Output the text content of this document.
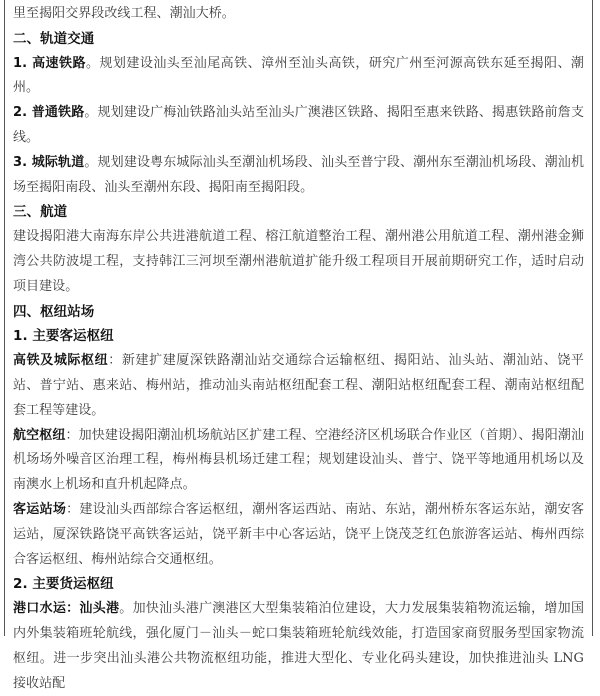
里至揭阳交界段改线工程、潮汕大桥。

二、轨道交通

1. 高速铁路。规划建设汕头至汕尾高铁、漳州至汕头高铁，研究广州至河源高铁东延至揭阳、潮州。

2. 普通铁路。规划建设广梅汕铁路汕头站至汕头广澳港区铁路、揭阳至惠来铁路、揭惠铁路前詹支线。

3. 城际轨道。规划建设粤东城际汕头至潮汕机场段、汕头至普宁段、潮州东至潮汕机场段、潮汕机场至揭阳南段、汕头至潮州东段、揭阳南至揭阳段。

三、航道

建设揭阳港大南海东岸公共进港航道工程、榕江航道整治工程、潮州港公用航道工程、潮州港金狮湾公共防波堤工程，支持韩江三河坝至潮州港航道扩能升级工程项目开展前期研究工作，适时启动项目建设。

四、枢纽站场

1. 主要客运枢纽

高铁及城际枢纽：新建扩建厦深铁路潮汕站交通综合运输枢纽、揭阳站、汕头站、潮汕站、饶平站、普宁站、惠来站、梅州站，推动汕头南站枢纽配套工程、潮阳站枢纽配套工程、潮南站枢纽配套工程等建设。

航空枢纽：加快建设揭阳潮汕机场航站区扩建工程、空港经济区机场联合作业区（首期）、揭阳潮汕机场场外噪音区治理工程，梅州梅县机场迁建工程；规划建设汕头、普宁、饶平等地通用机场以及南澳水上机场和直升机起降点。

客运站场：建设汕头西部综合客运枢纽，潮州客运西站、南站、东站，潮州桥东客运东站，潮安客运站，厦深铁路饶平高铁客运站，饶平新丰中心客运站，饶平上饶茂芝红色旅游客运站、梅州西综合客运枢纽、梅州站综合交通枢纽。

2. 主要货运枢纽

港口水运：汕头港。加快汕头港广澳港区大型集装箱泊位建设，大力发展集装箱物流运输，增加国内外集装箱班轮航线，强化厦门－汕头－蛇口集装箱班轮航线效能，打造国家商贸服务型国家物流枢纽。进一步突出汕头港公共物流枢纽功能，推进大型化、专业化码头建设，加快推进汕头 LNG 接收站配
